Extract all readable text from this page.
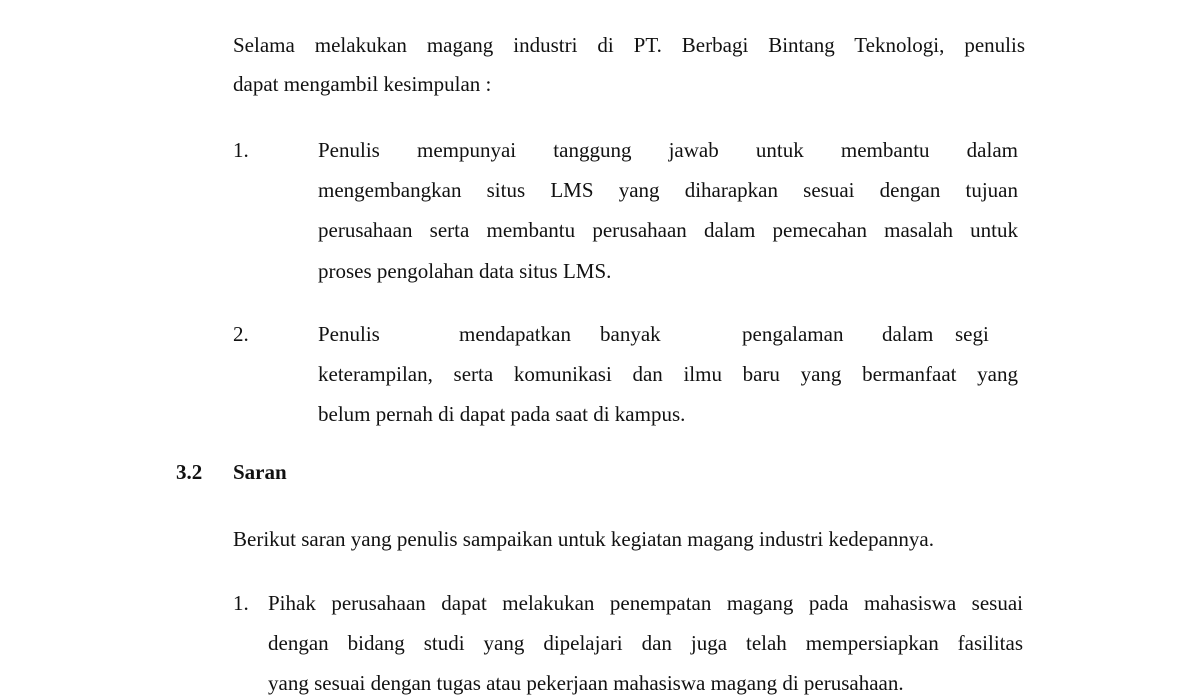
Selama melakukan magang industri di PT. Berbagi Bintang Teknologi, penulis
dapat mengambil kesimpulan :
1.	Penulis mempunyai tanggung jawab untuk membantu dalam
mengembangkan situs LMS yang diharapkan sesuai dengan tujuan
perusahaan serta membantu perusahaan dalam pemecahan masalah untuk
proses pengolahan data situs LMS.
2.	Penulis	mendapatkan banyak	pengalaman dalam segi
keterampilan, serta komunikasi dan ilmu baru yang bermanfaat yang
belum pernah di dapat pada saat di kampus.
3.2 Saran
Berikut saran yang penulis sampaikan untuk kegiatan magang industri kedepannya.
1. Pihak perusahaan dapat melakukan penempatan magang pada mahasiswa sesuai
dengan bidang studi yang dipelajari dan juga telah mempersiapkan fasilitas
yang sesuai dengan tugas atau pekerjaan mahasiswa magang di perusahaan.
